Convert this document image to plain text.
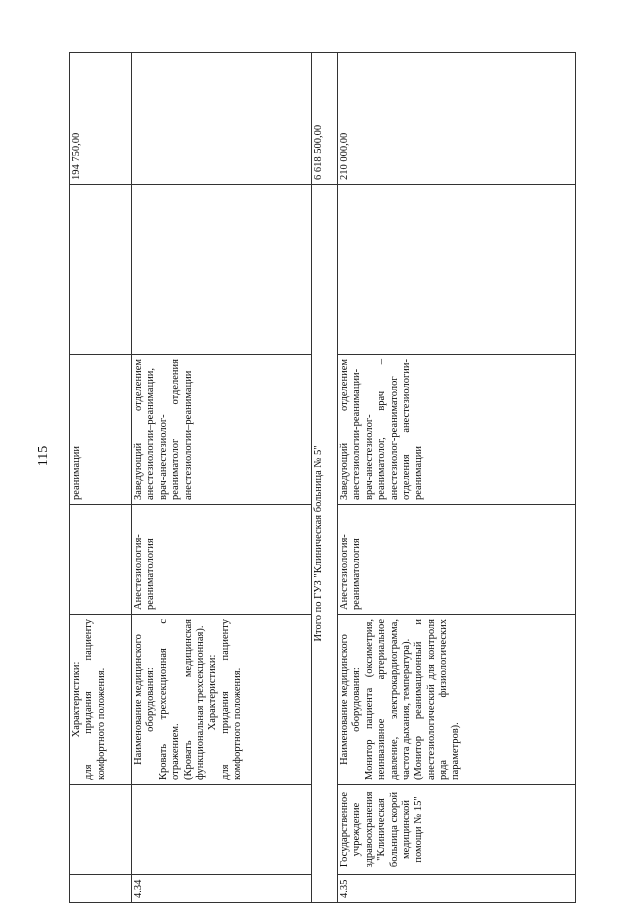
115

		Характеристики: для придания пациенту комфортного положения.		реанимации		194 750,00
4.34		Наименование медицинского оборудования: Кровать трехсекционная с отражением. (Кровать медицинская функциональная трехсекционная). Характеристики: для придания пациенту комфортного положения.	Анестезиология-реаниматология	Заведующий отделением анестезиологии–реанимации, врач-анестезиолог-реаниматолог отделения анестезиологии–реанимации		
Итого по ГУЗ "Клиническая больница № 5"						6 618 500,00
4.35	Государственное учреждение здравоохранения "Клиническая больница скорой медицинской помощи № 15"	Наименование медицинского оборудования: Монитор пациента (оксиметрия, неинвазивное артериальное давление, электрокардиограмма, частота дыхания, температура). (Монитор реанимационный и анестезиологический для контроля ряда физиологических параметров).	Анестезиология-реаниматология	Заведующий отделением анестезиологии-реанимации-врач-анестезиолог-реаниматолог, врач – анестезиолог-реаниматолог отделения анестезиологии-реанимации		210 000,00
